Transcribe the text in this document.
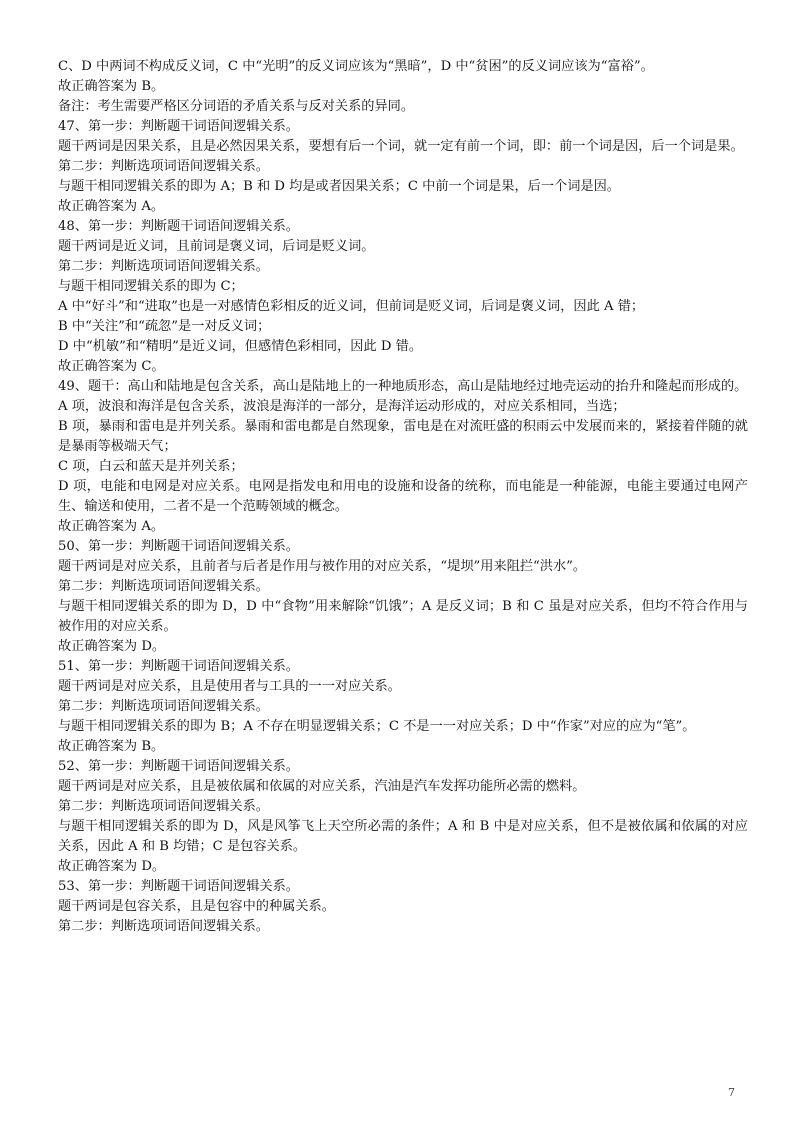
C、D 中两词不构成反义词，C 中“光明”的反义词应该为“黑暗”，D 中“贫困”的反义词应该为“富裕”。

故正确答案为 B。

备注：考生需要严格区分词语的矛盾关系与反对关系的异同。

47、第一步：判断题干词语间逻辑关系。

题干两词是因果关系，且是必然因果关系，要想有后一个词，就一定有前一个词，即：前一个词是因，后一个词是果。

第二步：判断选项词语间逻辑关系。

与题干相同逻辑关系的即为 A；B 和 D 均是或者因果关系；C 中前一个词是果，后一个词是因。

故正确答案为 A。

48、第一步：判断题干词语间逻辑关系。

题干两词是近义词，且前词是褒义词，后词是贬义词。

第二步：判断选项词语间逻辑关系。

与题干相同逻辑关系的即为 C；

A 中“好斗”和“进取”也是一对感情色彩相反的近义词，但前词是贬义词，后词是褒义词，因此 A 错；

B 中“关注”和“疏忽”是一对反义词；

D 中“机敏”和“精明”是近义词，但感情色彩相同，因此 D 错。

故正确答案为 C。

49、题干：高山和陆地是包含关系，高山是陆地上的一种地质形态，高山是陆地经过地壳运动的抬升和隆起而形成的。

A 项，波浪和海洋是包含关系，波浪是海洋的一部分，是海洋运动形成的，对应关系相同，当选；

B 项，暴雨和雷电是并列关系。暴雨和雷电都是自然现象，雷电是在对流旺盛的积雨云中发展而来的，紧接着伴随的就是暴雨等极端天气；

C 项，白云和蓝天是并列关系；

D 项，电能和电网是对应关系。电网是指发电和用电的设施和设备的统称，而电能是一种能源，电能主要通过电网产生、输送和使用，二者不是一个范畴领域的概念。

故正确答案为 A。

50、第一步：判断题干词语间逻辑关系。

题干两词是对应关系，且前者与后者是作用与被作用的对应关系，“堤坝”用来阻拦“洪水”。

第二步：判断选项词语间逻辑关系。

与题干相同逻辑关系的即为 D，D 中“食物”用来解除“饥饿”；A 是反义词；B 和 C 虽是对应关系，但均不符合作用与被作用的对应关系。

故正确答案为 D。

51、第一步：判断题干词语间逻辑关系。

题干两词是对应关系，且是使用者与工具的一一对应关系。

第二步：判断选项词语间逻辑关系。

与题干相同逻辑关系的即为 B；A 不存在明显逻辑关系；C 不是一一对应关系；D 中“作家”对应的应为“笔”。

故正确答案为 B。

52、第一步：判断题干词语间逻辑关系。

题干两词是对应关系，且是被依属和依属的对应关系，汽油是汽车发挥功能所必需的燃料。

第二步：判断选项词语间逻辑关系。

与题干相同逻辑关系的即为 D，风是风筝飞上天空所必需的条件；A 和 B 中是对应关系，但不是被依属和依属的对应关系，因此 A 和 B 均错；C 是包容关系。

故正确答案为 D。

53、第一步：判断题干词语间逻辑关系。

题干两词是包容关系，且是包容中的种属关系。

第二步：判断选项词语间逻辑关系。

7
